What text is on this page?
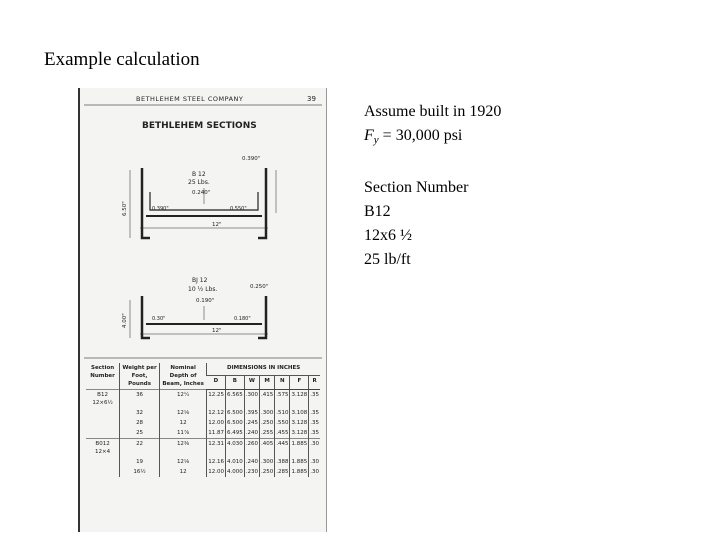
Example calculation
BETHLEHEM STEEL COMPANY	39
BETHLEHEM SECTIONS
B 12
25 Lbs.
0.240"
0.390"
0.390"	0.550"
12"
6.50"
BJ 12
10 ½ Lbs.
0.190"
0.250"
0.30"	0.180"
12"
4.00"
Section Number	Weight per Foot, Pounds	Nominal Depth of Beam, Inches	DIMENSIONS IN INCHES						
			D	B	W	M	N	F	R

B12
12×6½	36	12¼	12.25	6.565	.300	.415	.575	3.128	.35
	32	12⅛	12.12	6.500	.395	.300	.510	3.108	.35
	28	12	12.00	6.500	.245	.250	.550	3.128	.35
	25	11⅞	11.87	6.495	.240	.255	.455	3.128	.35

B012
12×4	22	12⅜	12.31	4.030	.260	.405	.445	1.885	.30
	19	12⅛	12.16	4.010	.240	.300	.388	1.885	.30
	16½	12	12.00	4.000	.230	.250	.285	1.885	.30
Assume built in 1920
$F_y = 30,000$ psi
Section Number
B12
12x6 ½
25 lb/ft
